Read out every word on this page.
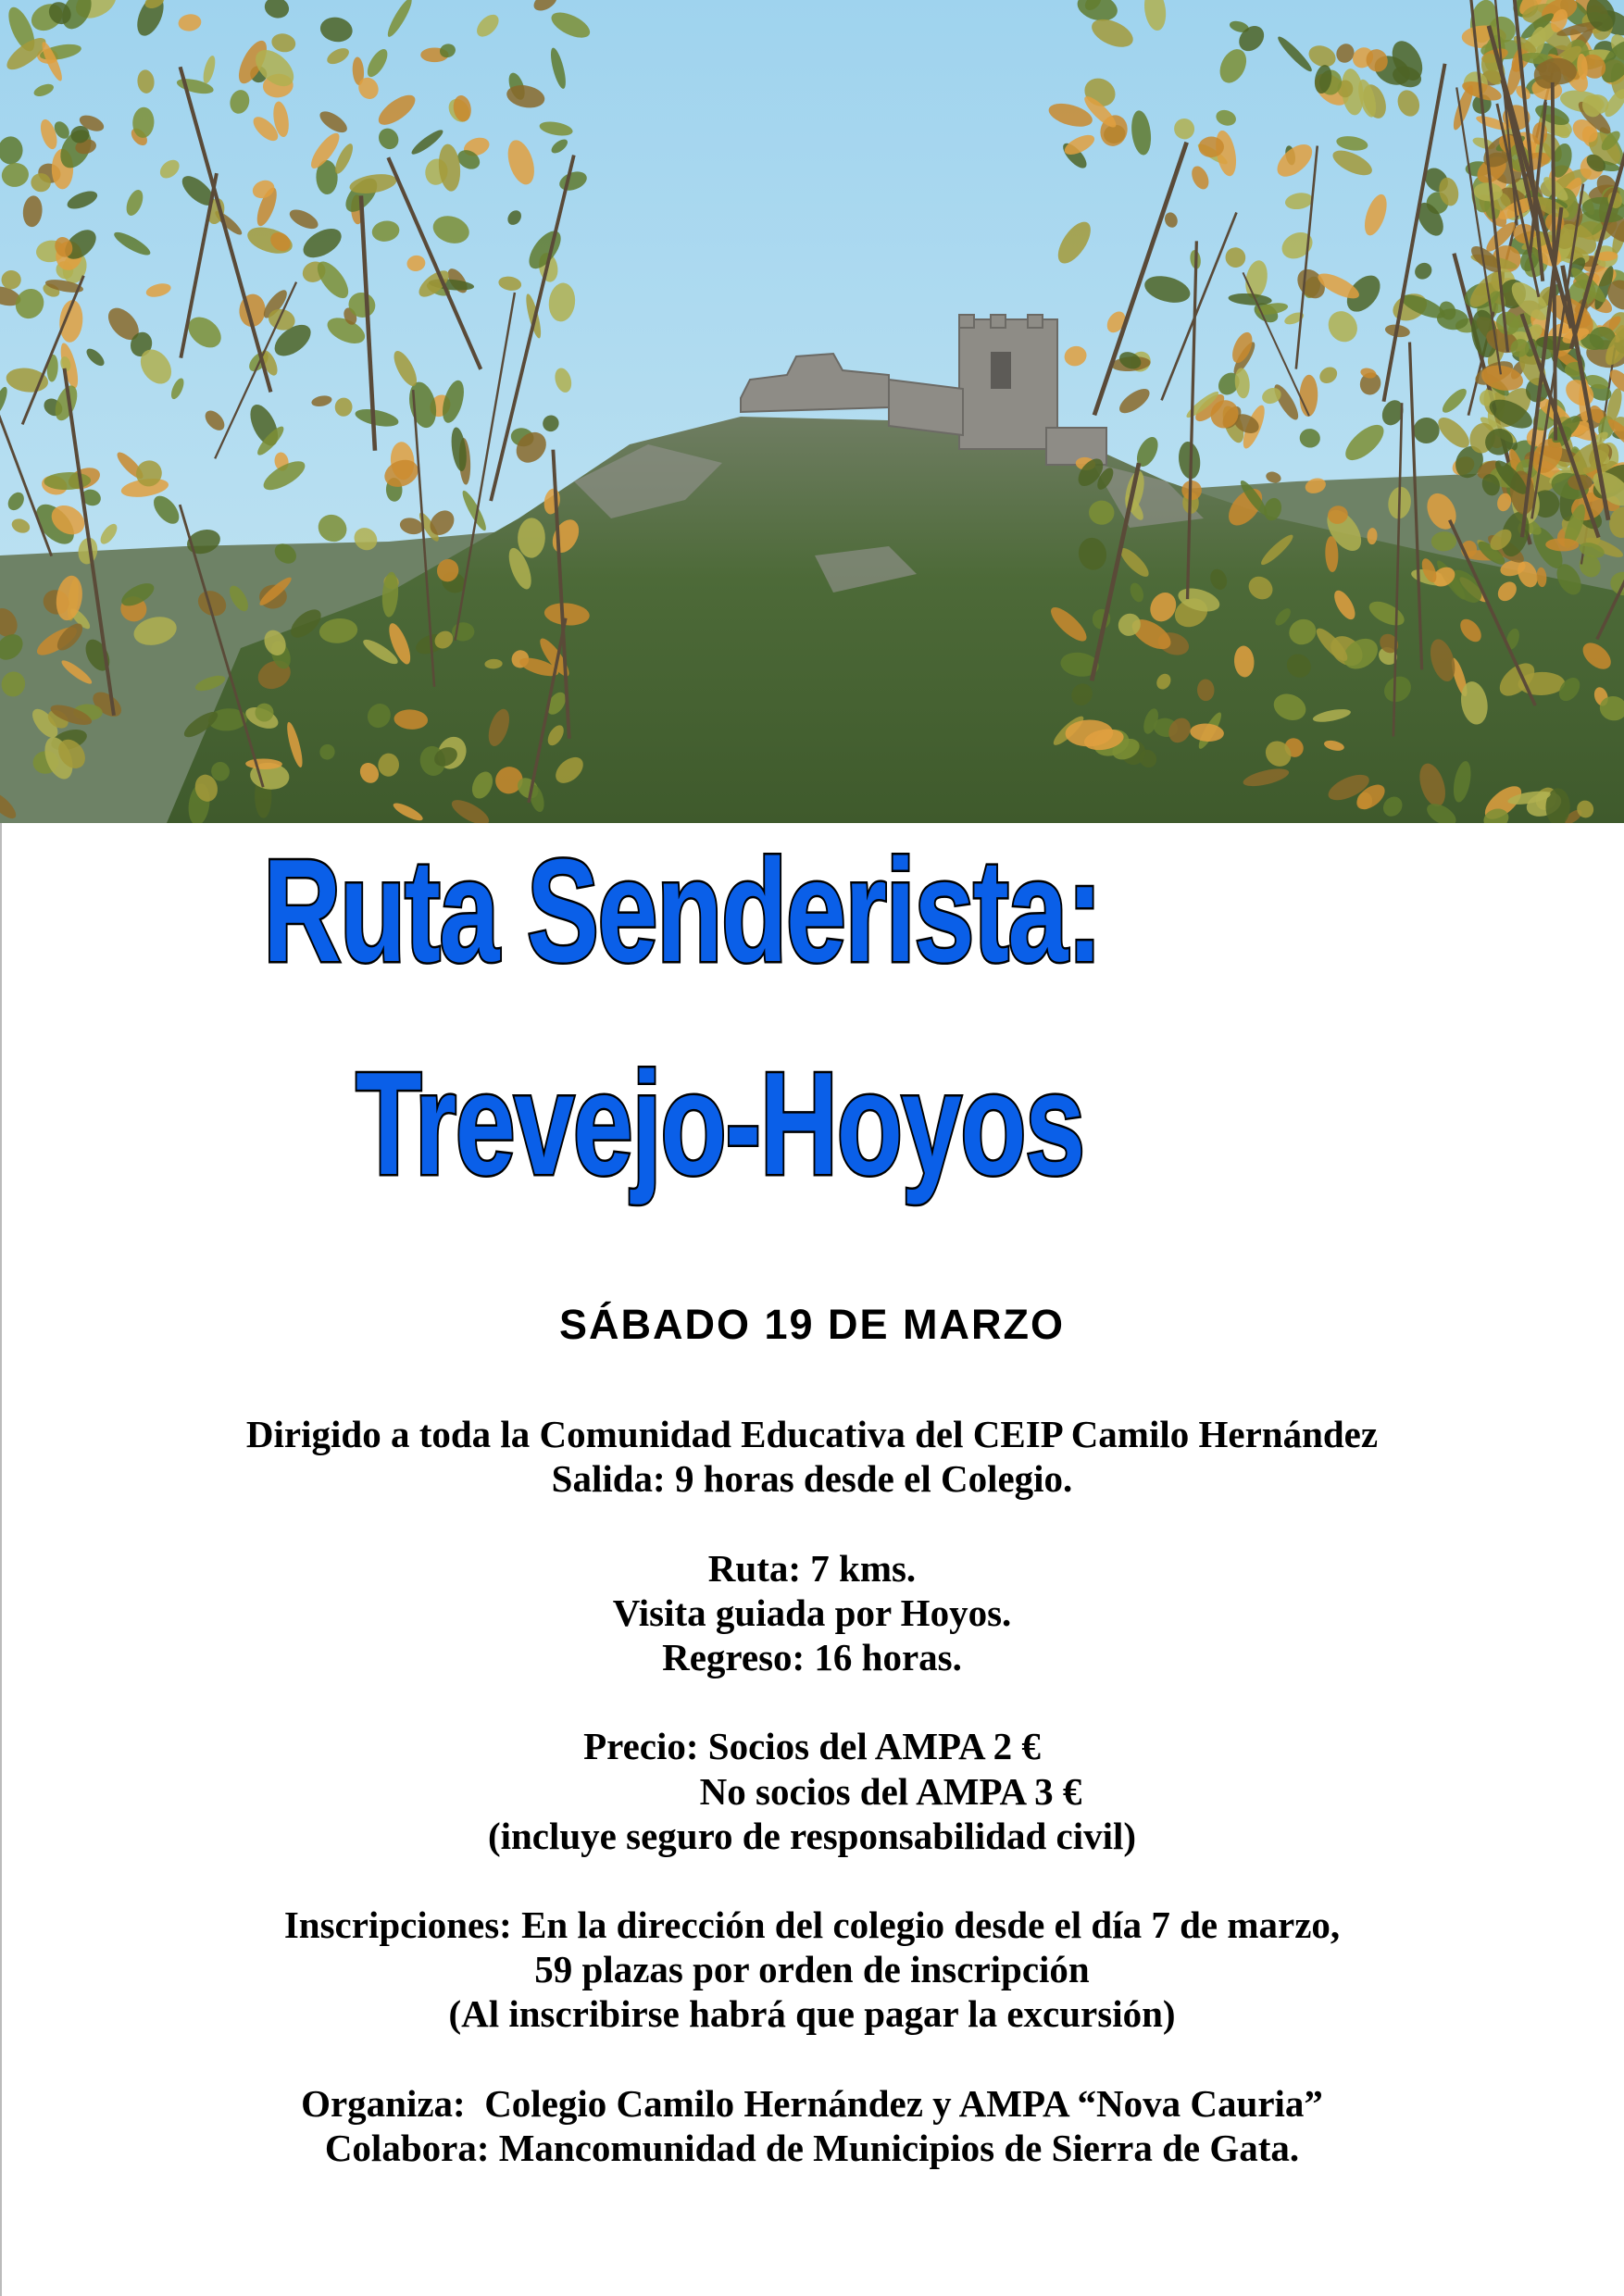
Ruta Senderista:
Trevejo-Hoyos
SÁBADO 19 DE MARZO
Dirigido a toda la Comunidad Educativa del CEIP Camilo Hernández
Salida: 9 horas desde el Colegio.
Ruta: 7 kms.
Visita guiada por Hoyos.
Regreso: 16 horas.
Precio: Socios del AMPA 2 €
No socios del AMPA 3 €
(incluye seguro de responsabilidad civil)
Inscripciones: En la dirección del colegio desde el día 7 de marzo,
59 plazas por orden de inscripción
(Al inscribirse habrá que pagar la excursión)
Organiza:  Colegio Camilo Hernández y AMPA “Nova Cauria”
Colabora: Mancomunidad de Municipios de Sierra de Gata.
